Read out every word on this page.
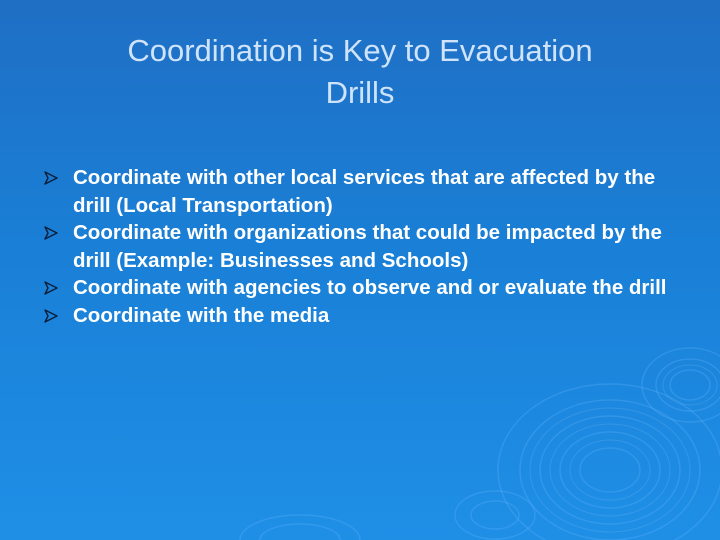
Coordination is Key to Evacuation
Drills
Coordinate with other local services that are affected by the drill (Local Transportation)
Coordinate with organizations that could be impacted by the drill (Example: Businesses and Schools)
Coordinate with agencies to observe and or evaluate the drill
Coordinate with the media
